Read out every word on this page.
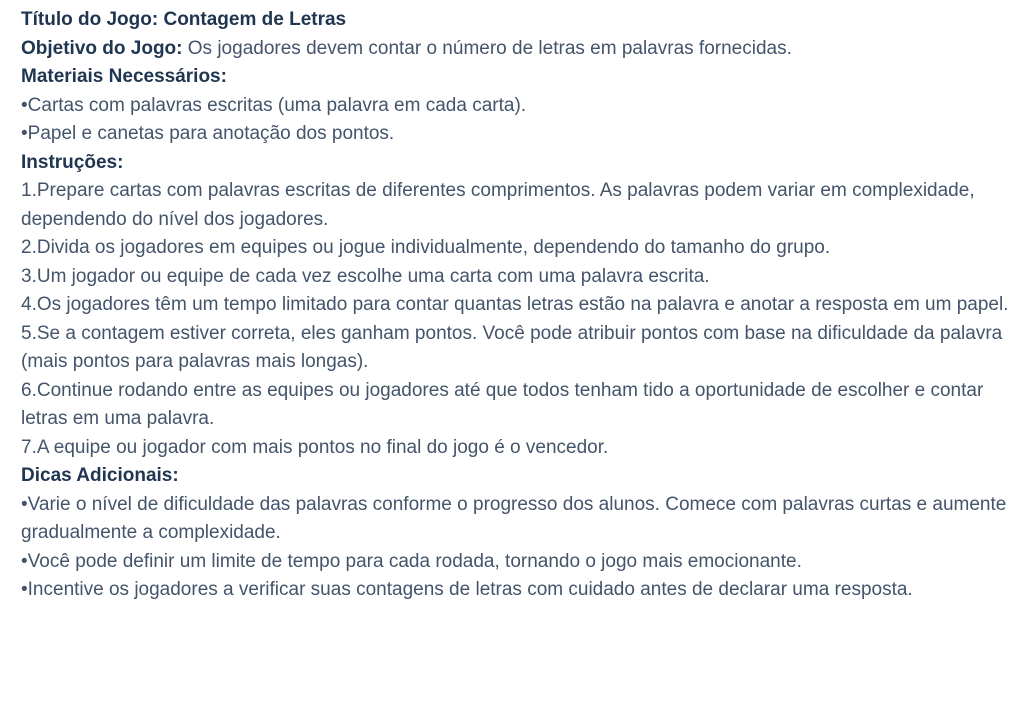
Título do Jogo: Contagem de Letras

Objetivo do Jogo: Os jogadores devem contar o número de letras em palavras fornecidas.

Materiais Necessários:

•Cartas com palavras escritas (uma palavra em cada carta).

•Papel e canetas para anotação dos pontos.

Instruções:

1.Prepare cartas com palavras escritas de diferentes comprimentos. As palavras podem variar em complexidade, dependendo do nível dos jogadores.

2.Divida os jogadores em equipes ou jogue individualmente, dependendo do tamanho do grupo.

3.Um jogador ou equipe de cada vez escolhe uma carta com uma palavra escrita.

4.Os jogadores têm um tempo limitado para contar quantas letras estão na palavra e anotar a resposta em um papel.

5.Se a contagem estiver correta, eles ganham pontos. Você pode atribuir pontos com base na dificuldade da palavra (mais pontos para palavras mais longas).

6.Continue rodando entre as equipes ou jogadores até que todos tenham tido a oportunidade de escolher e contar letras em uma palavra.

7.A equipe ou jogador com mais pontos no final do jogo é o vencedor.

Dicas Adicionais:

•Varie o nível de dificuldade das palavras conforme o progresso dos alunos. Comece com palavras curtas e aumente gradualmente a complexidade.

•Você pode definir um limite de tempo para cada rodada, tornando o jogo mais emocionante.

•Incentive os jogadores a verificar suas contagens de letras com cuidado antes de declarar uma resposta.
